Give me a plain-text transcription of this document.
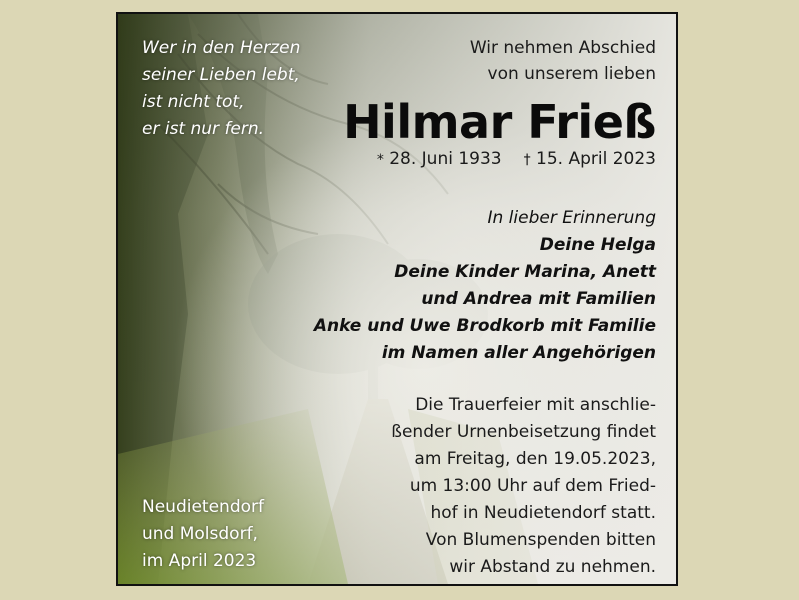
Wer in den Herzen
seiner Lieben lebt,
ist nicht tot,
er ist nur fern.
Wir nehmen Abschied
von unserem lieben
Hilmar Frieß
* 28. Juni 1933 † 15. April 2023
In lieber Erinnerung
Deine Helga
Deine Kinder Marina, Anett
und Andrea mit Familien
Anke und Uwe Brodkorb mit Familie
im Namen aller Angehörigen
Die Trauerfeier mit anschlie-
ßender Urnenbeisetzung findet
am Freitag, den 19.05.2023,
um 13:00 Uhr auf dem Fried-
hof in Neudietendorf statt.
Von Blumenspenden bitten
wir Abstand zu nehmen.
Neudietendorf
und Molsdorf,
im April 2023
